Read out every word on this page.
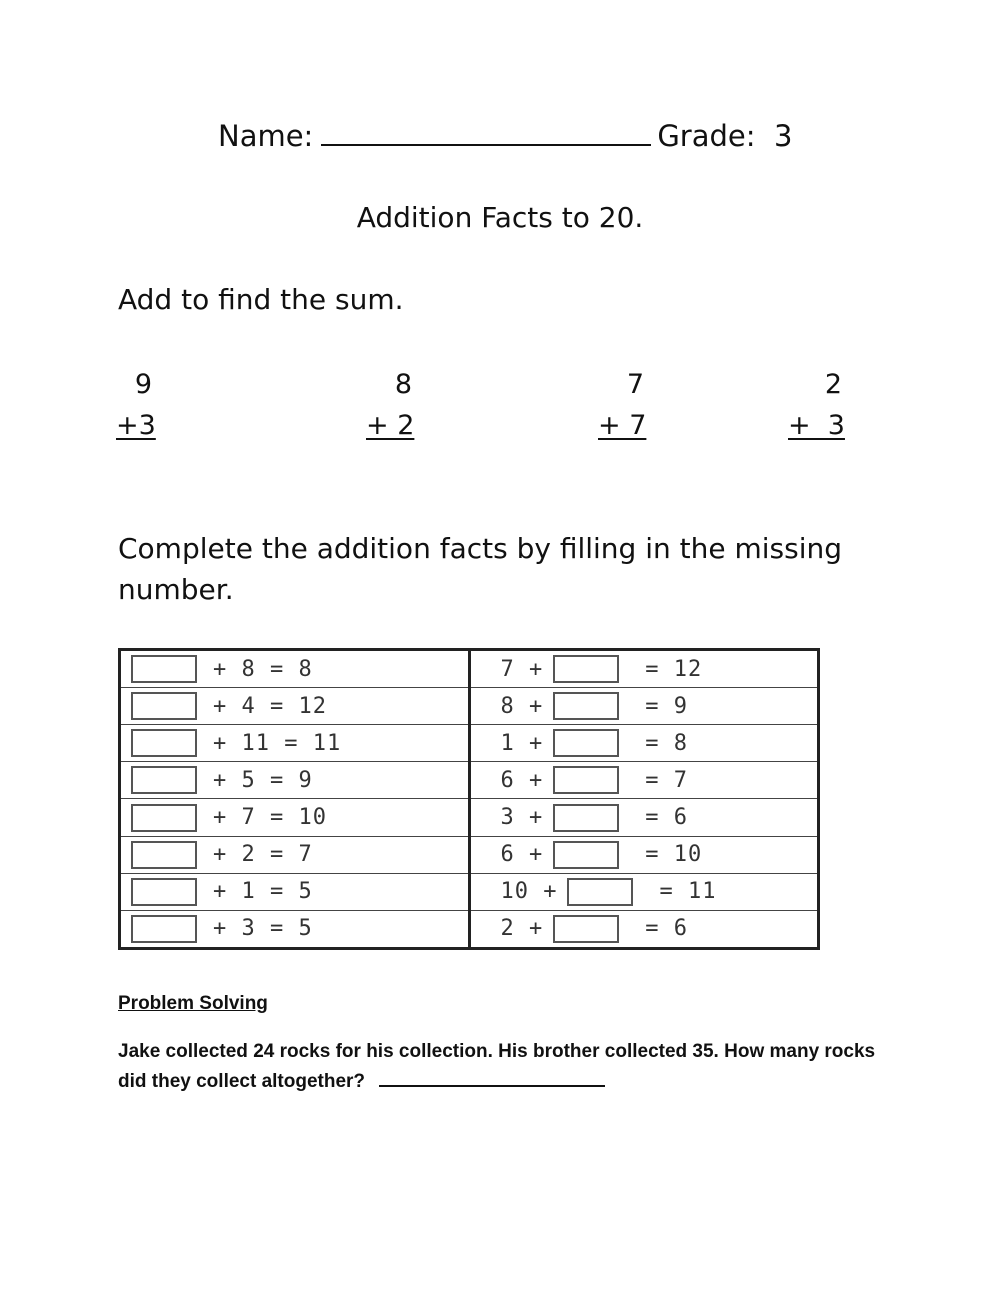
Name:	Grade: 3
Addition Facts to 20.
Add to find the sum.
9
+3
8
+ 2
7
+ 7
2
+  3
Complete the addition facts by filling in the missing number.
+ 8 = 8	7 + = 12
+ 4 = 12	8 + = 9
+ 11 = 11	1 + = 8
+ 5 = 9	6 + = 7
+ 7 = 10	3 + = 6
+ 2 = 7	6 + = 10
+ 1 = 5	10 + = 11
+ 3 = 5	2 + = 6
Problem Solving
Jake collected 24 rocks for his collection. His brother collected 35. How many rocks did they collect altogether?
